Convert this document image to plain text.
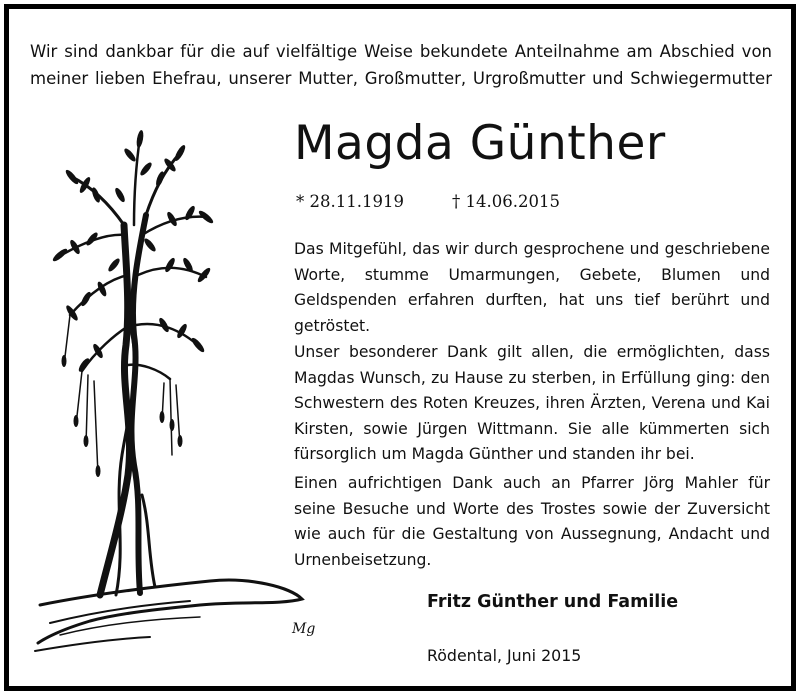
Wir sind dankbar für die auf vielfältige Weise bekundete Anteilnahme am Abschied von
meiner lieben Ehefrau, unserer Mutter, Großmutter, Urgroßmutter und Schwiegermutter
Mg
Magda Günther
* 28.11.1919	† 14.06.2015
Das Mitgefühl, das wir durch gesprochene und geschriebene Worte, stumme Umarmungen, Gebete, Blumen und Geldspenden erfahren durften, hat uns tief berührt und getröstet.
Unser besonderer Dank gilt allen, die ermöglichten, dass Magdas Wunsch, zu Hause zu sterben, in Erfüllung ging: den Schwestern des Roten Kreuzes, ihren Ärzten, Verena und Kai Kirsten, sowie Jürgen Wittmann. Sie alle kümmerten sich fürsorglich um Magda Günther und standen ihr bei.
Einen aufrichtigen Dank auch an Pfarrer Jörg Mahler für seine Besuche und Worte des Trostes sowie der Zuversicht wie auch für die Gestaltung von Aussegnung, Andacht und Urnenbeisetzung.
Fritz Günther und Familie
Rödental, Juni 2015
